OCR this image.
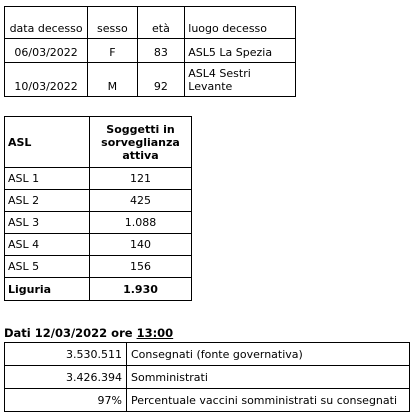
data decesso	sesso	età	luogo decesso
06/03/2022	F	83	ASL5 La Spezia
10/03/2022	M	92	ASL4 Sestri Levante
ASL	Soggetti in sorveglianza attiva
ASL 1	121
ASL 2	425
ASL 3	1.088
ASL 4	140
ASL 5	156
Liguria	1.930
Dati 12/03/2022 ore 13:00
3.530.511	Consegnati (fonte governativa)
3.426.394	Somministrati
97%	Percentuale vaccini somministrati su consegnati
